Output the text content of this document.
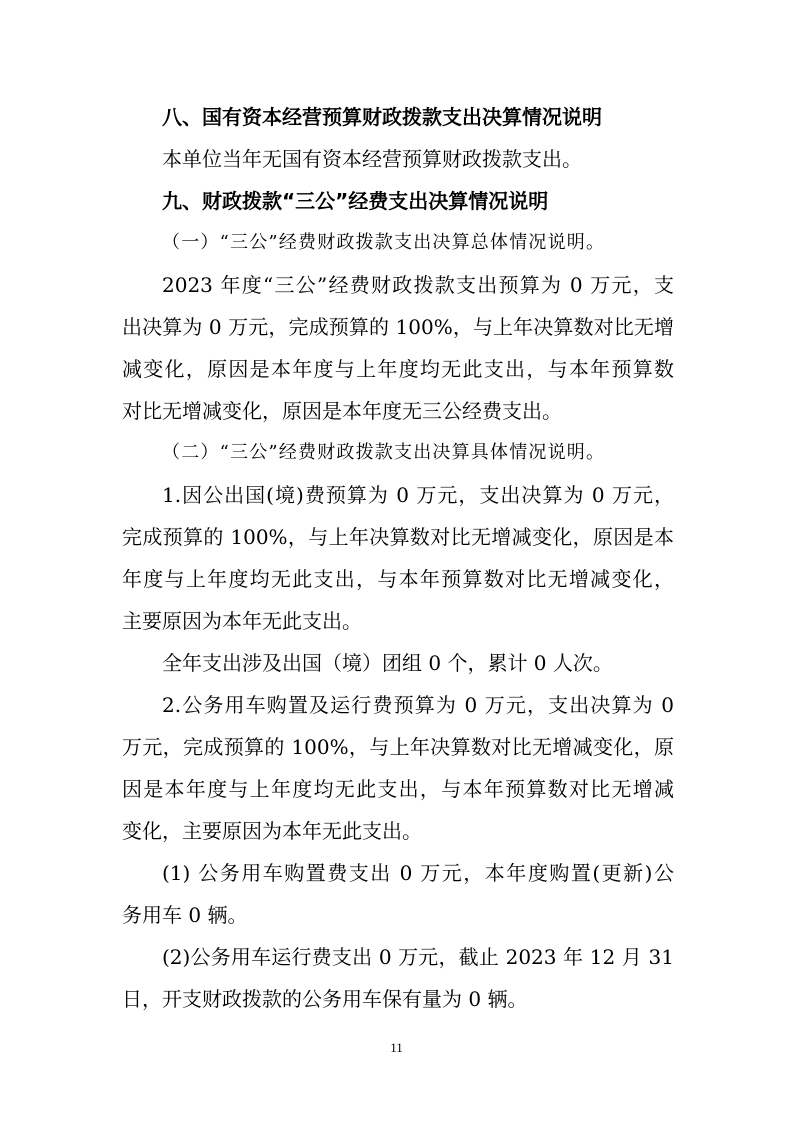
八、国有资本经营预算财政拨款支出决算情况说明

本单位当年无国有资本经营预算财政拨款支出。

九、财政拨款“三公”经费支出决算情况说明

（一）“三公”经费财政拨款支出决算总体情况说明。

2023 年度“三公”经费财政拨款支出预算为 0 万元，支

出决算为 0 万元，完成预算的 100%，与上年决算数对比无增

减变化，原因是本年度与上年度均无此支出，与本年预算数

对比无增减变化，原因是本年度无三公经费支出。

（二）“三公”经费财政拨款支出决算具体情况说明。

1.因公出国(境)费预算为 0 万元，支出决算为 0 万元，

完成预算的 100%，与上年决算数对比无增减变化，原因是本

年度与上年度均无此支出，与本年预算数对比无增减变化，

主要原因为本年无此支出。

全年支出涉及出国（境）团组 0 个，累计 0 人次。

2.公务用车购置及运行费预算为 0 万元，支出决算为 0

万元，完成预算的 100%，与上年决算数对比无增减变化，原

因是本年度与上年度均无此支出，与本年预算数对比无增减

变化，主要原因为本年无此支出。

(1) 公务用车购置费支出 0 万元，本年度购置(更新)公

务用车 0 辆。

(2)公务用车运行费支出 0 万元，截止 2023 年 12 月 31

日，开支财政拨款的公务用车保有量为 0 辆。

11
